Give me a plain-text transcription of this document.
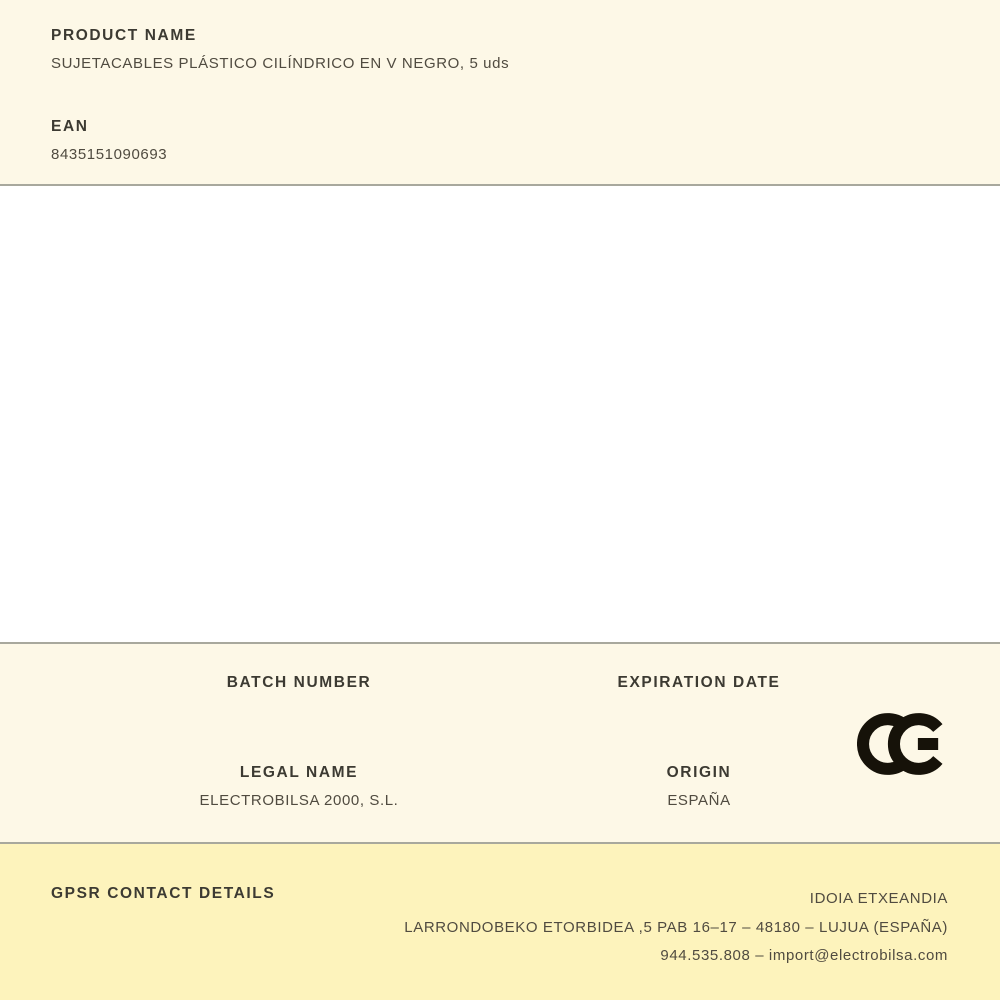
PRODUCT NAME
SUJETACABLES PLÁSTICO CILÍNDRICO EN V NEGRO, 5 uds
EAN
8435151090693
BATCH NUMBER	EXPIRATION DATE
LEGAL NAME
ELECTROBILSA 2000, S.L.
ORIGIN
ESPAÑA
GPSR CONTACT DETAILS	IDOIA ETXEANDIA
LARRONDOBEKO ETORBIDEA ,5 PAB 16–17 – 48180 – LUJUA (ESPAÑA)
944.535.808 – import@electrobilsa.com
